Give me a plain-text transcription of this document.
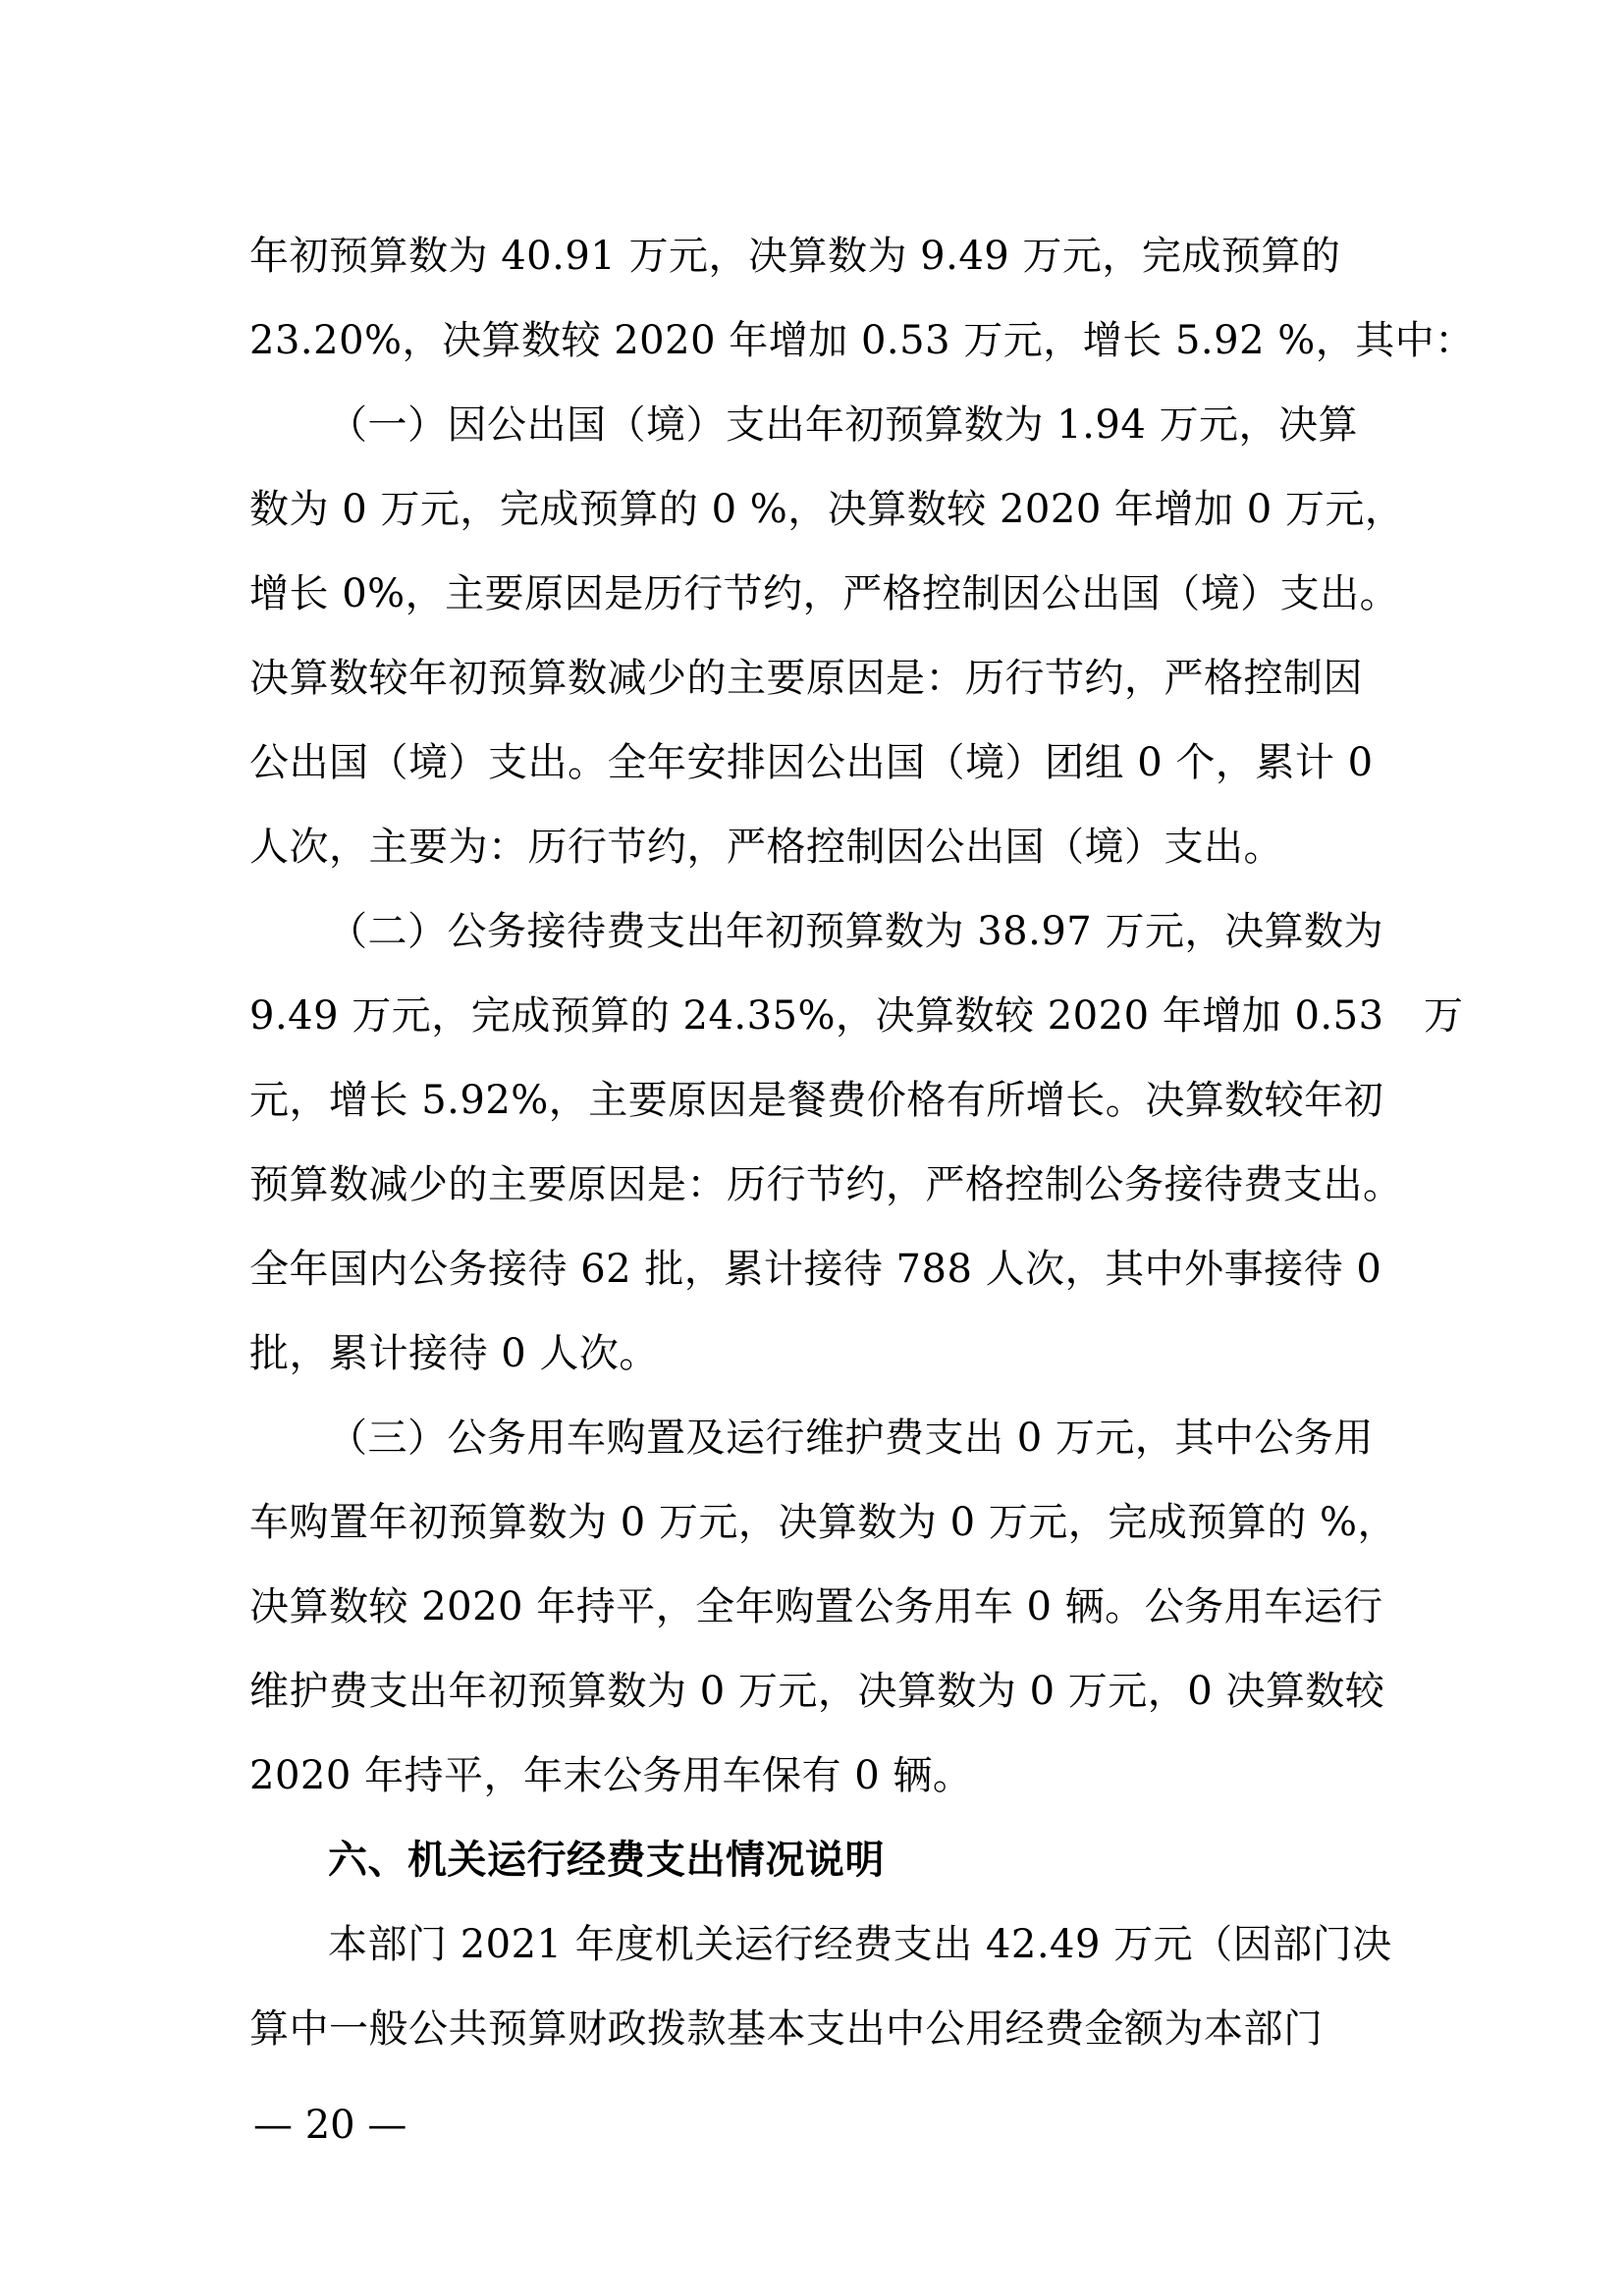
年初预算数为 40.91 万元，决算数为 9.49 万元，完成预算的
23.20%，决算数较 2020 年增加 0.53 万元，增长 5.92 %，其中：
（一）因公出国（境）支出年初预算数为 1.94 万元，决算
数为 0 万元，完成预算的 0 %，决算数较 2020 年增加 0 万元，
增长 0%，主要原因是历行节约，严格控制因公出国（境）支出。
决算数较年初预算数减少的主要原因是：历行节约，严格控制因
公出国（境）支出。全年安排因公出国（境）团组 0 个，累计 0
人次，主要为：历行节约，严格控制因公出国（境）支出。
（二）公务接待费支出年初预算数为 38.97 万元，决算数为
9.49 万元，完成预算的 24.35%，决算数较 2020 年增加 0.53　万
元，增长 5.92%，主要原因是餐费价格有所增长。决算数较年初
预算数减少的主要原因是：历行节约，严格控制公务接待费支出。
全年国内公务接待 62 批，累计接待 788 人次，其中外事接待 0
批，累计接待 0 人次。
（三）公务用车购置及运行维护费支出 0 万元，其中公务用
车购置年初预算数为 0 万元，决算数为 0 万元，完成预算的 %，
决算数较 2020 年持平，全年购置公务用车 0 辆。公务用车运行
维护费支出年初预算数为 0 万元，决算数为 0 万元，0 决算数较
2020 年持平，年末公务用车保有 0 辆。
六、机关运行经费支出情况说明
本部门 2021 年度机关运行经费支出 42.49 万元（因部门决
算中一般公共预算财政拨款基本支出中公用经费金额为本部门
— 20 —
